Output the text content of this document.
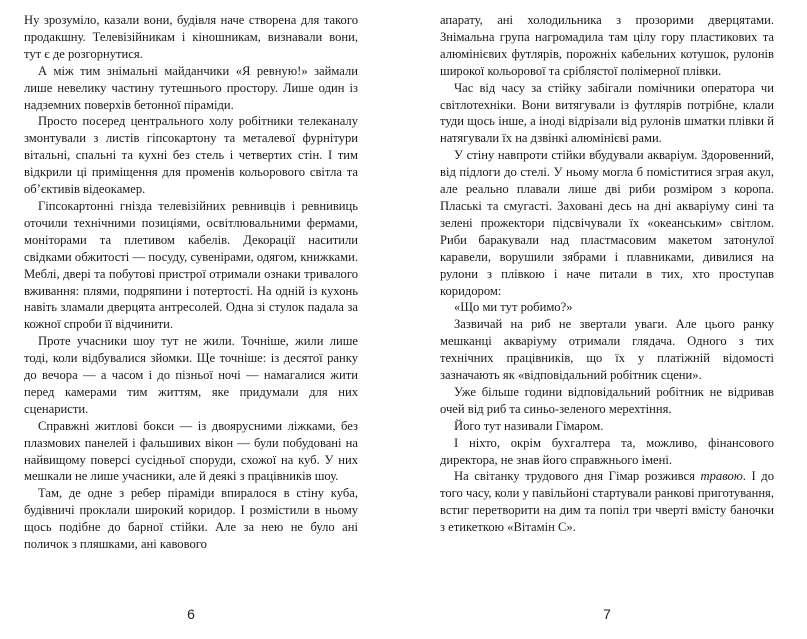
Ну зрозуміло, казали вони, будівля наче створена для такого продакшну. Телевізійникам і кіношникам, визнавали вони, тут є де розгорнутися.

А між тим знімальні майданчики «Я ревную!» займали лише невелику частину тутешнього простору. Лише один із надземних поверхів бетонної піраміди.

Просто посеред центрального холу робітники телеканалу змонтували з листів гіпсокартону та металевої фурнітури вітальні, спальні та кухні без стель і четвертих стін. І тим відкрили ці приміщення для променів кольорового світла та об’єктивів відеокамер.

Гіпсокартонні гнізда телевізійних ревнивців і ревнивиць оточили технічними позиціями, освітлювальними фермами, моніторами та плетивом кабелів. Декорації наситили свідками обжитості — посуду, сувенірами, одягом, книжками. Меблі, двері та побутові пристрої отримали ознаки тривалого вживання: плями, подряпини і потертості. На одній із кухонь навіть зламали дверцята антресолей. Одна зі стулок падала за кожної спроби її відчинити.

Проте учасники шоу тут не жили. Точніше, жили лише тоді, коли відбувалися зйомки. Ще точніше: із десятої ранку до вечора — а часом і до пізньої ночі — намагалися жити перед камерами тим життям, яке придумали для них сценаристи.

Справжні житлові бокси — із двоярусними ліжками, без плазмових панелей і фальшивих вікон — були побудовані на найвищому поверсі сусідньої споруди, схожої на куб. У них мешкали не лише учасники, але й деякі з працівників шоу.

Там, де одне з ребер піраміди впиралося в стіну куба, будівничі проклали широкий коридор. І розмістили в ньому щось подібне до барної стійки. Але за нею не було ані поличок з пляшками, ані кавового

6

апарату, ані холодильника з прозорими дверцятами. Знімальна група нагромадила там цілу гору пластикових та алюмінієвих футлярів, порожніх кабельних котушок, рулонів широкої кольорової та сріблястої полімерної плівки.

Час від часу за стійку забігали помічники оператора чи світлотехніки. Вони витягували із футлярів потрібне, клали туди щось інше, а іноді відрізали від рулонів шматки плівки й натягували їх на дзвінкі алюмінієві рами.

У стіну навпроти стійки вбудували акваріум. Здоровенний, від підлоги до стелі. У ньому могла б поміститися зграя акул, але реально плавали лише дві риби розміром з коропа. Плаські та смугасті. Заховані десь на дні акваріуму сині та зелені прожектори підсвічували їх «океанським» світлом. Риби баракували над пластмасовим макетом затонулої каравели, ворушили зябрами і плавниками, дивилися на рулони з плівкою і наче питали в тих, хто проступав коридором:

«Що ми тут робимо?»

Зазвичай на риб не звертали уваги. Але цього ранку мешканці акваріуму отримали глядача. Одного з тих технічних працівників, що їх у платіжній відомості зазначають як «відповідальний робітник сцени».

Уже більше години відповідальний робітник не відривав очей від риб та синьо-зеленого мерехтіння.

Його тут називали Гімаром.

І ніхто, окрім бухгалтера та, можливо, фінансового директора, не знав його справжнього імені.

На світанку трудового дня Гімар розжився травою. І до того часу, коли у павільйоні стартували ранкові приготування, встиг перетворити на дим та попіл три чверті вмісту баночки з етикеткою «Вітамін С».

7
